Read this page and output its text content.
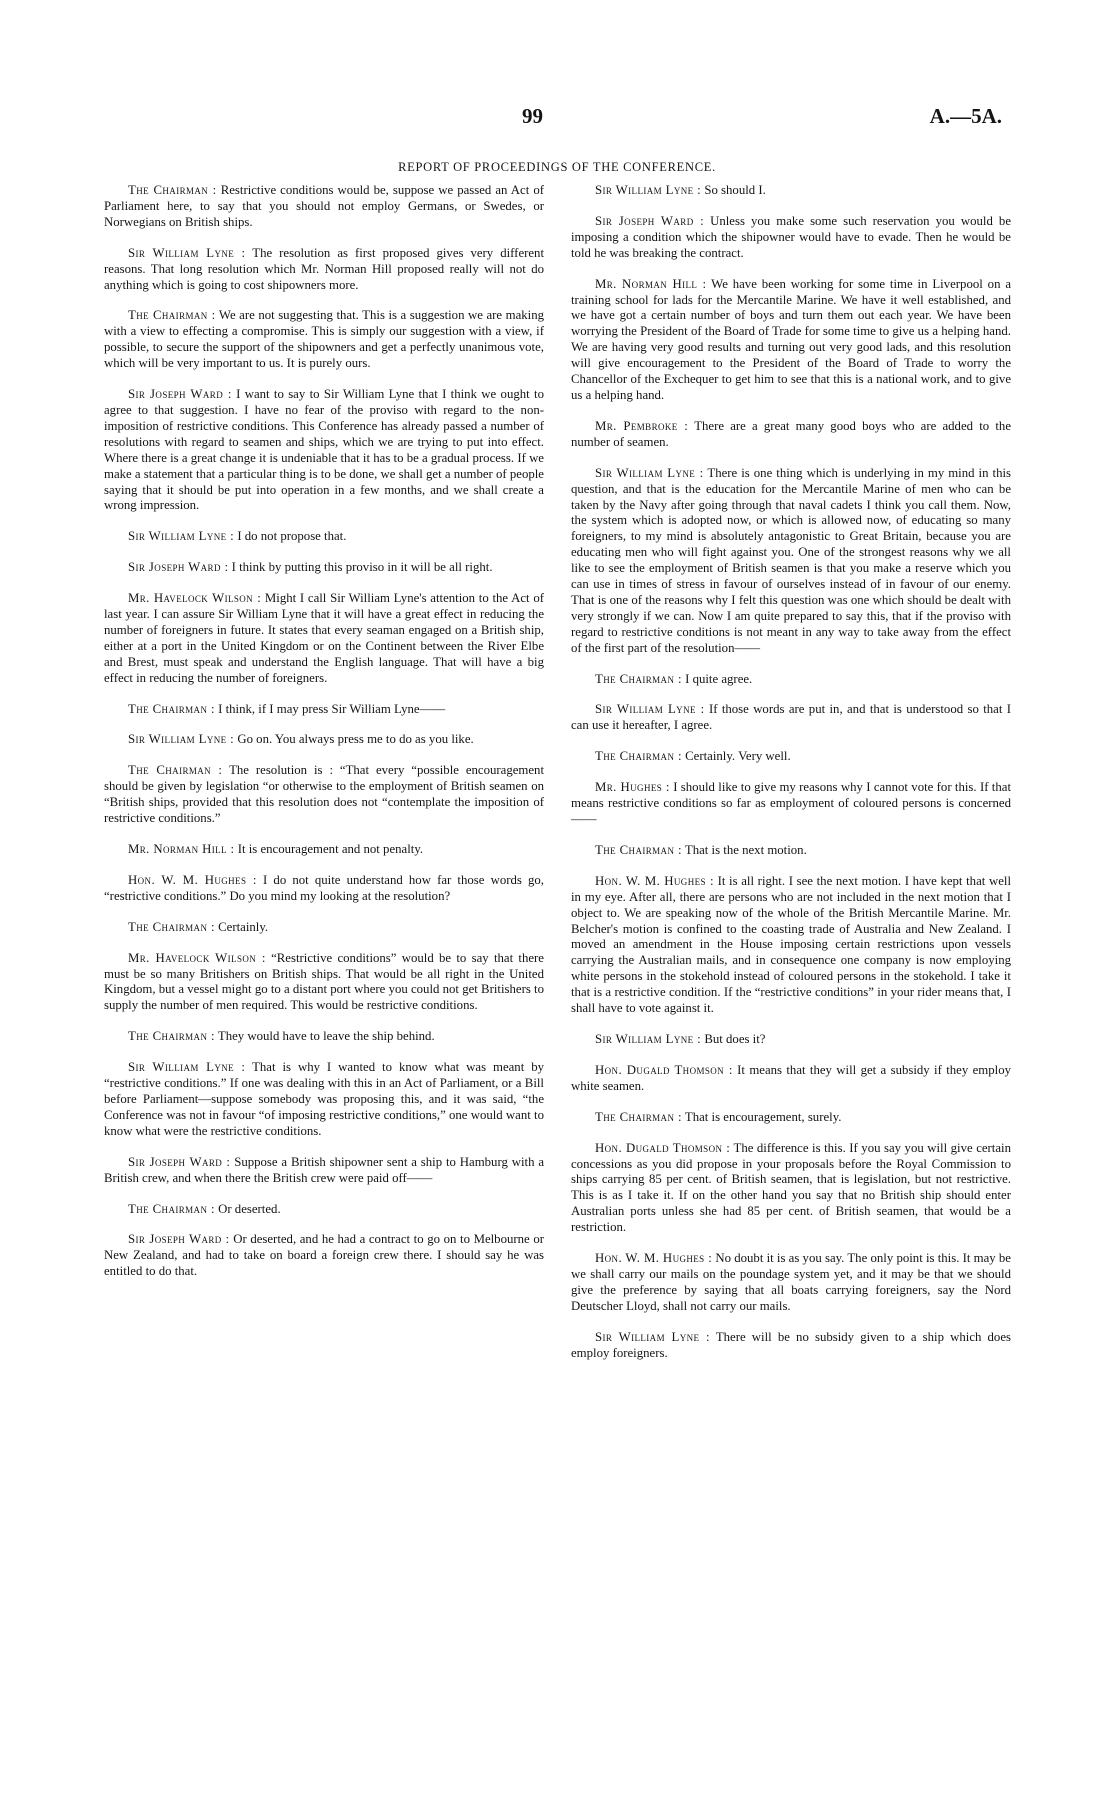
99	A.—5A.
REPORT OF PROCEEDINGS OF THE CONFERENCE.

The Chairman : Restrictive conditions would be, suppose we passed an Act of Parliament here, to say that you should not employ Germans, or Swedes, or Norwegians on British ships.

Sir William Lyne : The resolution as first proposed gives very different reasons. That long resolution which Mr. Norman Hill proposed really will not do anything which is going to cost shipowners more.

The Chairman : We are not suggesting that. This is a suggestion we are making with a view to effecting a compromise. This is simply our suggestion with a view, if possible, to secure the support of the shipowners and get a perfectly unanimous vote, which will be very important to us. It is purely ours.

Sir Joseph Ward : I want to say to Sir William Lyne that I think we ought to agree to that suggestion. I have no fear of the proviso with regard to the non-imposition of restrictive conditions. This Conference has already passed a number of resolutions with regard to seamen and ships, which we are trying to put into effect. Where there is a great change it is undeniable that it has to be a gradual process. If we make a statement that a particular thing is to be done, we shall get a number of people saying that it should be put into operation in a few months, and we shall create a wrong impression.

Sir William Lyne : I do not propose that.

Sir Joseph Ward : I think by putting this proviso in it will be all right.

Mr. Havelock Wilson : Might I call Sir William Lyne's attention to the Act of last year. I can assure Sir William Lyne that it will have a great effect in reducing the number of foreigners in future. It states that every seaman engaged on a British ship, either at a port in the United Kingdom or on the Continent between the River Elbe and Brest, must speak and understand the English language. That will have a big effect in reducing the number of foreigners.

The Chairman : I think, if I may press Sir William Lyne——

Sir William Lyne : Go on. You always press me to do as you like.

The Chairman : The resolution is : “That every “possible encouragement should be given by legislation “or otherwise to the employment of British seamen on “British ships, provided that this resolution does not “contemplate the imposition of restrictive conditions.”

Mr. Norman Hill : It is encouragement and not penalty.

Hon. W. M. Hughes : I do not quite understand how far those words go, “restrictive conditions.” Do you mind my looking at the resolution?

The Chairman : Certainly.

Mr. Havelock Wilson : “Restrictive conditions” would be to say that there must be so many Britishers on British ships. That would be all right in the United Kingdom, but a vessel might go to a distant port where you could not get Britishers to supply the number of men required. This would be restrictive conditions.

The Chairman : They would have to leave the ship behind.

Sir William Lyne : That is why I wanted to know what was meant by “restrictive conditions.” If one was dealing with this in an Act of Parliament, or a Bill before Parliament—suppose somebody was proposing this, and it was said, “the Conference was not in favour “of imposing restrictive conditions,” one would want to know what were the restrictive conditions.

Sir Joseph Ward : Suppose a British shipowner sent a ship to Hamburg with a British crew, and when there the British crew were paid off——

The Chairman : Or deserted.

Sir Joseph Ward : Or deserted, and he had a contract to go on to Melbourne or New Zealand, and had to take on board a foreign crew there. I should say he was entitled to do that.

Sir William Lyne : So should I.

Sir Joseph Ward : Unless you make some such reservation you would be imposing a condition which the shipowner would have to evade. Then he would be told he was breaking the contract.

Mr. Norman Hill : We have been working for some time in Liverpool on a training school for lads for the Mercantile Marine. We have it well established, and we have got a certain number of boys and turn them out each year. We have been worrying the President of the Board of Trade for some time to give us a helping hand. We are having very good results and turning out very good lads, and this resolution will give encouragement to the President of the Board of Trade to worry the Chancellor of the Exchequer to get him to see that this is a national work, and to give us a helping hand.

Mr. Pembroke : There are a great many good boys who are added to the number of seamen.

Sir William Lyne : There is one thing which is underlying in my mind in this question, and that is the education for the Mercantile Marine of men who can be taken by the Navy after going through that naval cadets I think you call them. Now, the system which is adopted now, or which is allowed now, of educating so many foreigners, to my mind is absolutely antagonistic to Great Britain, because you are educating men who will fight against you. One of the strongest reasons why we all like to see the employment of British seamen is that you make a reserve which you can use in times of stress in favour of ourselves instead of in favour of our enemy. That is one of the reasons why I felt this question was one which should be dealt with very strongly if we can. Now I am quite prepared to say this, that if the proviso with regard to restrictive conditions is not meant in any way to take away from the effect of the first part of the resolution——

The Chairman : I quite agree.

Sir William Lyne : If those words are put in, and that is understood so that I can use it hereafter, I agree.

The Chairman : Certainly. Very well.

Mr. Hughes : I should like to give my reasons why I cannot vote for this. If that means restrictive conditions so far as employment of coloured persons is concerned——

The Chairman : That is the next motion.

Hon. W. M. Hughes : It is all right. I see the next motion. I have kept that well in my eye. After all, there are persons who are not included in the next motion that I object to. We are speaking now of the whole of the British Mercantile Marine. Mr. Belcher's motion is confined to the coasting trade of Australia and New Zealand. I moved an amendment in the House imposing certain restrictions upon vessels carrying the Australian mails, and in consequence one company is now employing white persons in the stokehold instead of coloured persons in the stokehold. I take it that is a restrictive condition. If the “restrictive conditions” in your rider means that, I shall have to vote against it.

Sir William Lyne : But does it?

Hon. Dugald Thomson : It means that they will get a subsidy if they employ white seamen.

The Chairman : That is encouragement, surely.

Hon. Dugald Thomson : The difference is this. If you say you will give certain concessions as you did propose in your proposals before the Royal Commission to ships carrying 85 per cent. of British seamen, that is legislation, but not restrictive. This is as I take it. If on the other hand you say that no British ship should enter Australian ports unless she had 85 per cent. of British seamen, that would be a restriction.

Hon. W. M. Hughes : No doubt it is as you say. The only point is this. It may be we shall carry our mails on the poundage system yet, and it may be that we should give the preference by saying that all boats carrying foreigners, say the Nord Deutscher Lloyd, shall not carry our mails.

Sir William Lyne : There will be no subsidy given to a ship which does employ foreigners.
